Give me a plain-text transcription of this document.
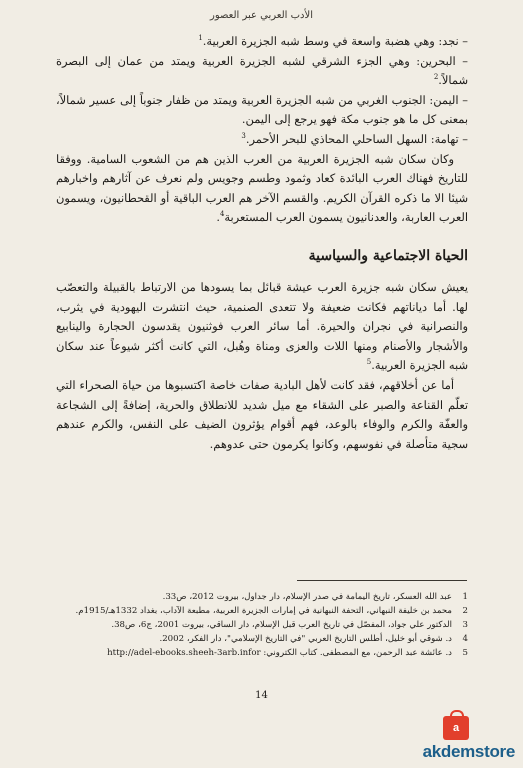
الأدب العربي عبر العصور

– نجد: وهي هضبة واسعة في وسط شبه الجزيرة العربية.$^1$

– البحرين: وهي الجزء الشرقي لشبه الجزيرة العربية ويمتد من عمان إلى البصرة شمالاً.$^2$

– اليمن: الجنوب الغربي من شبه الجزيرة العربية ويمتد من ظفار جنوباً إلى عسير شمالاً، بمعنى كل ما هو جنوب مكة فهو يرجع إلى اليمن.

– تهامة: السهل الساحلي المحاذي للبحر الأحمر.$^3$

وكان سكان شبه الجزيرة العربية من العرب الذين هم من الشعوب السامية. ووفقا للتاريخ فهناك العرب البائدة كعاد وثمود وطسم وجويس ولم نعرف عن آثارهم واخبارهم شيئا الا ما ذكره القرآن الكريم. والقسم الآخر هم العرب الباقية أو القحطانيون، ويسمون العرب العاربة، والعدنانيون يسمون العرب المستعربة$^4$.

الحياة الاجتماعية والسياسية

يعيش سكان شبه جزيرة العرب عيشة قبائل بما يسودها من الارتباط بالقبيلة والتعصّب لها. أما دياناتهم فكانت ضعيفة ولا تتعدى الصنمية، حيث انتشرت اليهودية في يثرب، والنصرانية في نجران والحيرة. أما سائر العرب فوثنيون يقدسون الحجارة والينابيع والأشجار والأصنام ومنها اللات والعزى ومناة وهُبل، التي كانت أكثر شيوعاً عند سكان شبه الجزيرة العربية.$^5$

أما عن أخلاقهم، فقد كانت لأهل البادية صفات خاصة اكتسبوها من حياة الصحراء التي تعلّم القناعة والصبر على الشقاء مع ميل شديد للانطلاق والحرية، إضافةً إلى الشجاعة والعفّة والكرم والوفاء بالوعد، فهم أقوام يؤثرون الضيف على النفس، والكرم عندهم سجية متأصلة في نفوسهم، وكانوا يكرمون حتى عدوهم.

1
عبد الله العسكر، تاريخ اليمامة في صدر الإسلام، دار جداول، بيروت 2012، ص33.
2
محمد بن خليفة النبهاني، التحفة النبهانية في إمارات الجزيرة العربية، مطبعة الآداب، بغداد 1332هـ/1915م.
3
الدكتور علي جواد، المفصّل في تاريخ العرب قبل الإسلام، دار الساقي، بيروت 2001، ج6، ص38.
4
د. شوقي أبو خليل، أطلس التاريخ العربي "في التاريخ الإسلامي"، دار الفكر، 2002.
5
د. عائشة عبد الرحمن، مع المصطفى. كتاب الكتروني: http://adel-ebooks.sheeh-3arb.infor
14
a
akdemstore
